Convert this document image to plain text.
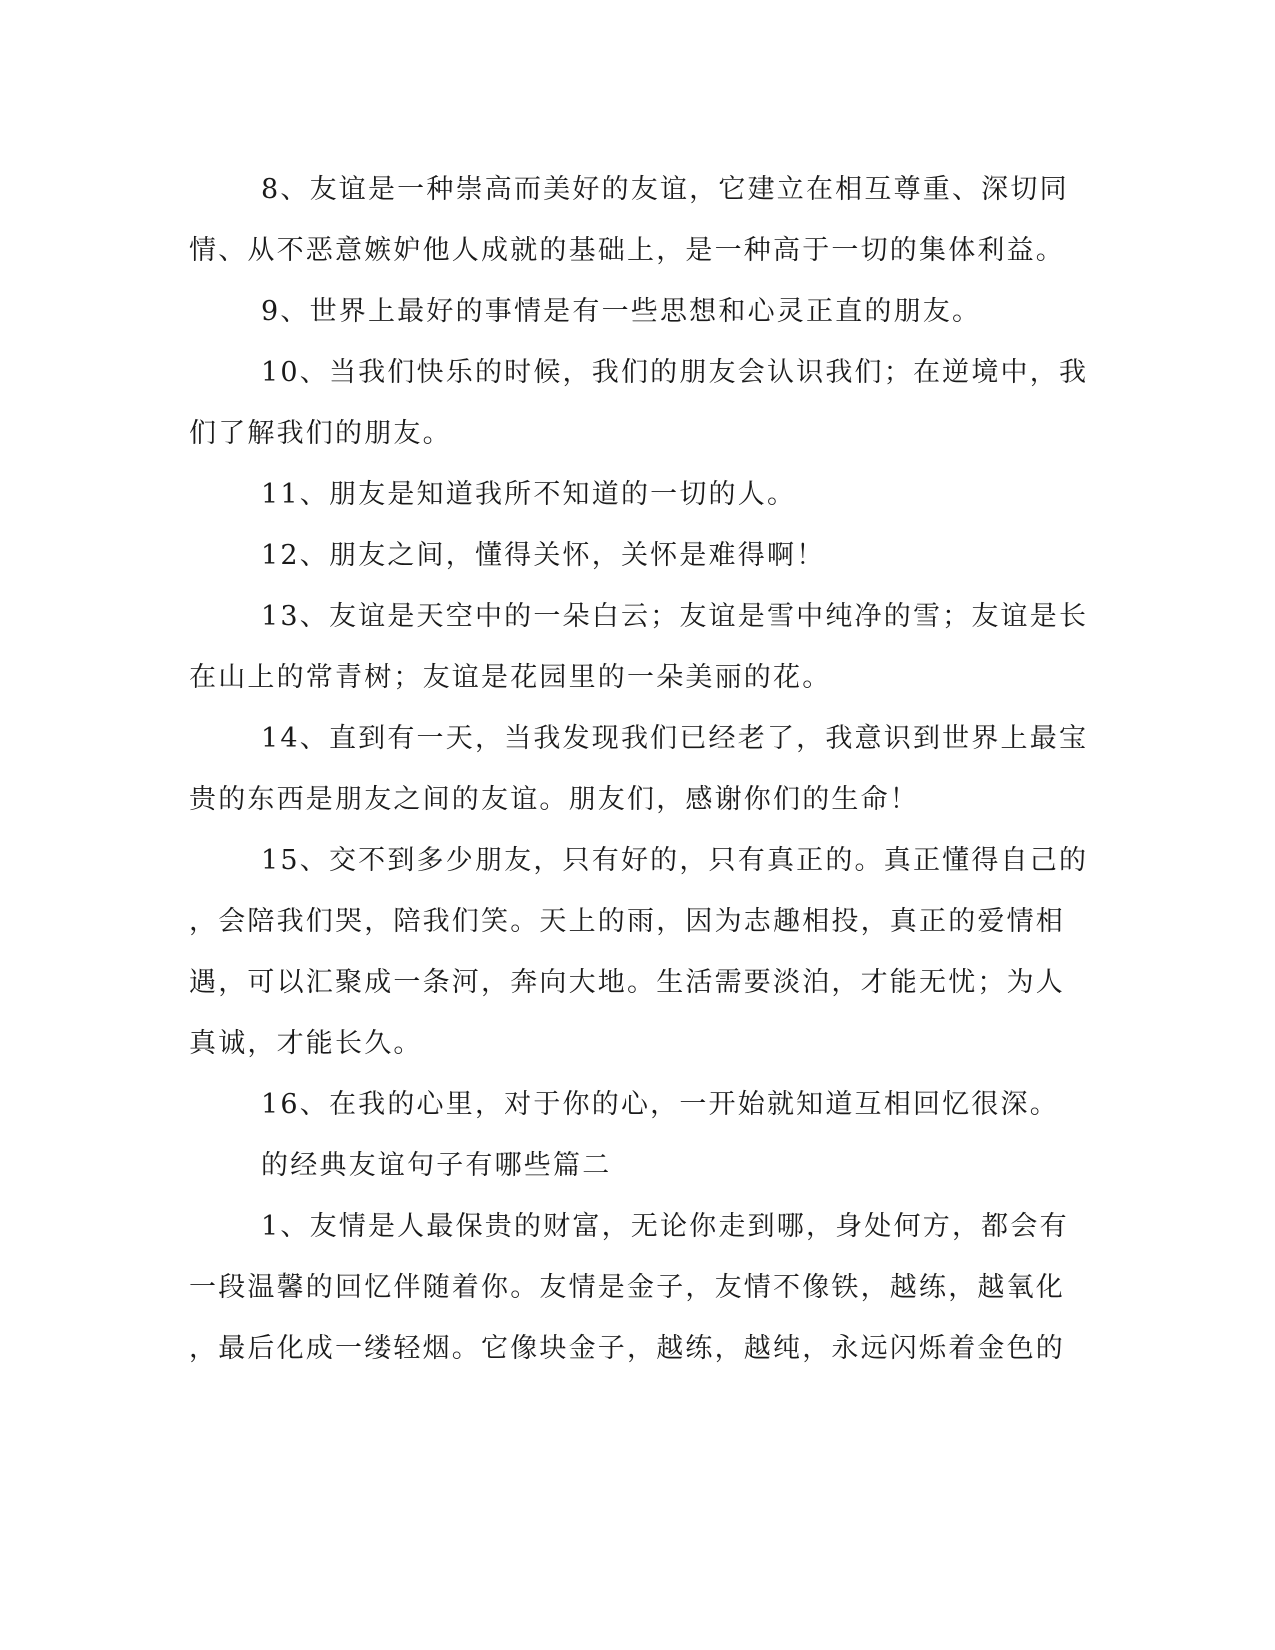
8、友谊是一种崇高而美好的友谊，它建立在相互尊重、深切同
情、从不恶意嫉妒他人成就的基础上，是一种高于一切的集体利益。
9、世界上最好的事情是有一些思想和心灵正直的朋友。
10、当我们快乐的时候，我们的朋友会认识我们；在逆境中，我
们了解我们的朋友。
11、朋友是知道我所不知道的一切的人。
12、朋友之间，懂得关怀，关怀是难得啊！
13、友谊是天空中的一朵白云；友谊是雪中纯净的雪；友谊是长
在山上的常青树；友谊是花园里的一朵美丽的花。
14、直到有一天，当我发现我们已经老了，我意识到世界上最宝
贵的东西是朋友之间的友谊。朋友们，感谢你们的生命！
15、交不到多少朋友，只有好的，只有真正的。真正懂得自己的
，会陪我们哭，陪我们笑。天上的雨，因为志趣相投，真正的爱情相
遇，可以汇聚成一条河，奔向大地。生活需要淡泊，才能无忧；为人
真诚，才能长久。
16、在我的心里，对于你的心，一开始就知道互相回忆很深。
的经典友谊句子有哪些篇二
1、友情是人最保贵的财富，无论你走到哪，身处何方，都会有
一段温馨的回忆伴随着你。友情是金子，友情不像铁，越练，越氧化
，最后化成一缕轻烟。它像块金子，越练，越纯，永远闪烁着金色的
